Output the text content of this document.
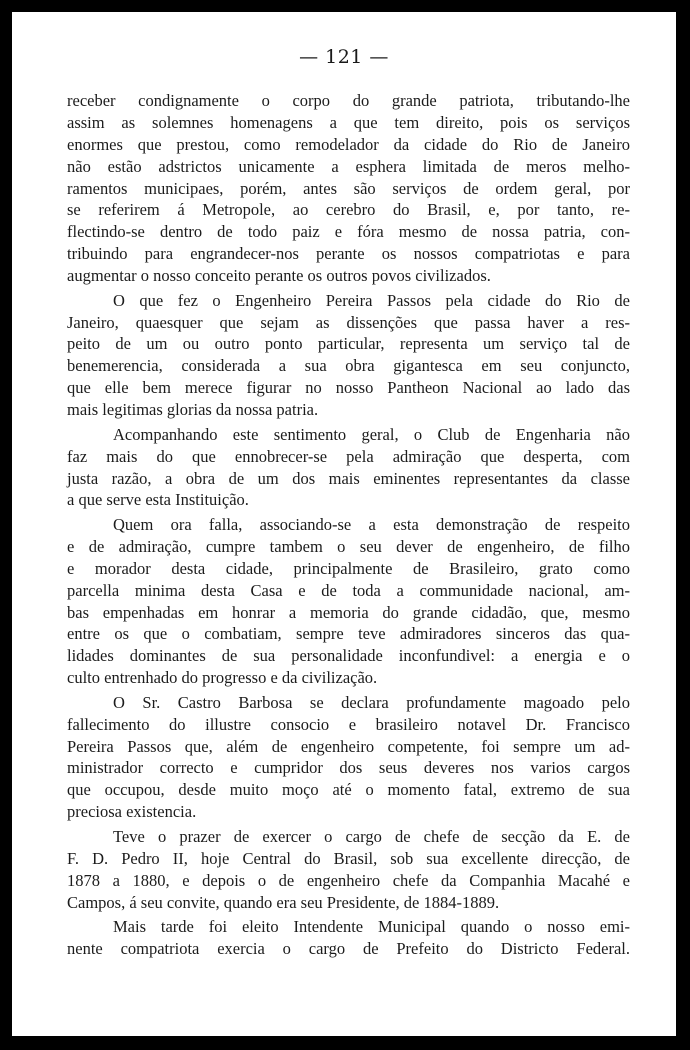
— 121 —
receber condignamente o corpo do grande patriota, tributando-lhe
assim as solemnes homenagens a que tem direito, pois os serviços
enormes que prestou, como remodelador da cidade do Rio de Janeiro
não estão adstrictos unicamente a esphera limitada de meros melho-
ramentos municipaes, porém, antes são serviços de ordem geral, por
se referirem á Metropole, ao cerebro do Brasil, e, por tanto, re-
flectindo-se dentro de todo paiz e fóra mesmo de nossa patria, con-
tribuindo para engrandecer-nos perante os nossos compatriotas e para
augmentar o nosso conceito perante os outros povos civilizados.
O que fez o Engenheiro Pereira Passos pela cidade do Rio de
Janeiro, quaesquer que sejam as dissenções que passa haver a res-
peito de um ou outro ponto particular, representa um serviço tal de
benemerencia, considerada a sua obra gigantesca em seu conjuncto,
que elle bem merece figurar no nosso Pantheon Nacional ao lado das
mais legitimas glorias da nossa patria.
Acompanhando este sentimento geral, o Club de Engenharia não
faz mais do que ennobrecer-se pela admiração que desperta, com
justa razão, a obra de um dos mais eminentes representantes da classe
a que serve esta Instituição.
Quem ora falla, associando-se a esta demonstração de respeito
e de admiração, cumpre tambem o seu dever de engenheiro, de filho
e morador desta cidade, principalmente de Brasileiro, grato como
parcella minima desta Casa e de toda a communidade nacional, am-
bas empenhadas em honrar a memoria do grande cidadão, que, mesmo
entre os que o combatiam, sempre teve admiradores sinceros das qua-
lidades dominantes de sua personalidade inconfundivel: a energia e o
culto entrenhado do progresso e da civilização.
O Sr. Castro Barbosa se declara profundamente magoado pelo
fallecimento do illustre consocio e brasileiro notavel Dr. Francisco
Pereira Passos que, além de engenheiro competente, foi sempre um ad-
ministrador correcto e cumpridor dos seus deveres nos varios cargos
que occupou, desde muito moço até o momento fatal, extremo de sua
preciosa existencia.
Teve o prazer de exercer o cargo de chefe de secção da E. de
F. D. Pedro II, hoje Central do Brasil, sob sua excellente direcção, de
1878 a 1880, e depois o de engenheiro chefe da Companhia Macahé e
Campos, á seu convite, quando era seu Presidente, de 1884-1889.
Mais tarde foi eleito Intendente Municipal quando o nosso emi-
nente compatriota exercia o cargo de Prefeito do Districto Federal.
